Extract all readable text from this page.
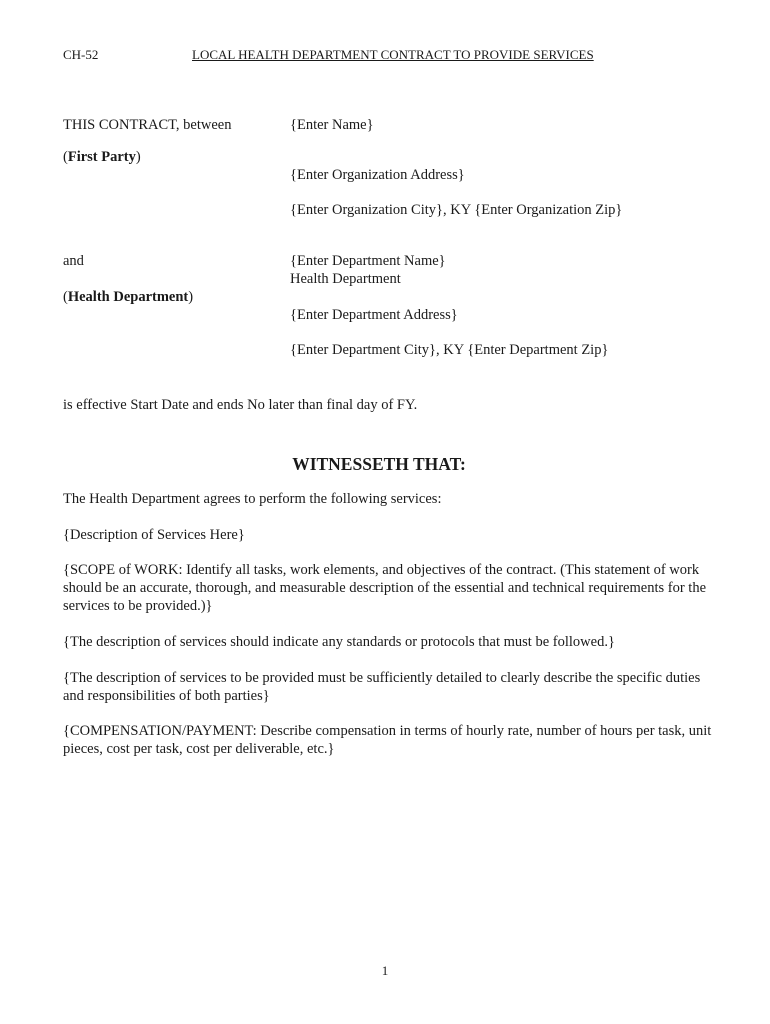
CH-52	LOCAL HEALTH DEPARTMENT CONTRACT TO PROVIDE SERVICES
THIS CONTRACT, between
(First Party)
{Enter Name}
{Enter Organization Address}
{Enter Organization City}, KY {Enter Organization Zip}
and
(Health Department)
{Enter Department Name}
Health Department
{Enter Department Address}
{Enter Department City}, KY {Enter Department Zip}
is effective Start Date and ends No later than final day of FY.
WITNESSETH THAT:
The Health Department agrees to perform the following services:
{Description of Services Here}
{SCOPE of WORK: Identify all tasks, work elements, and objectives of the contract. (This statement of work should be an accurate, thorough, and measurable description of the essential and technical requirements for the services to be provided.)}
{The description of services should indicate any standards or protocols that must be followed.}
{The description of services to be provided must be sufficiently detailed to clearly describe the specific duties and responsibilities of both parties}
{COMPENSATION/PAYMENT: Describe compensation in terms of hourly rate, number of hours per task, unit pieces, cost per task, cost per deliverable, etc.}
1
